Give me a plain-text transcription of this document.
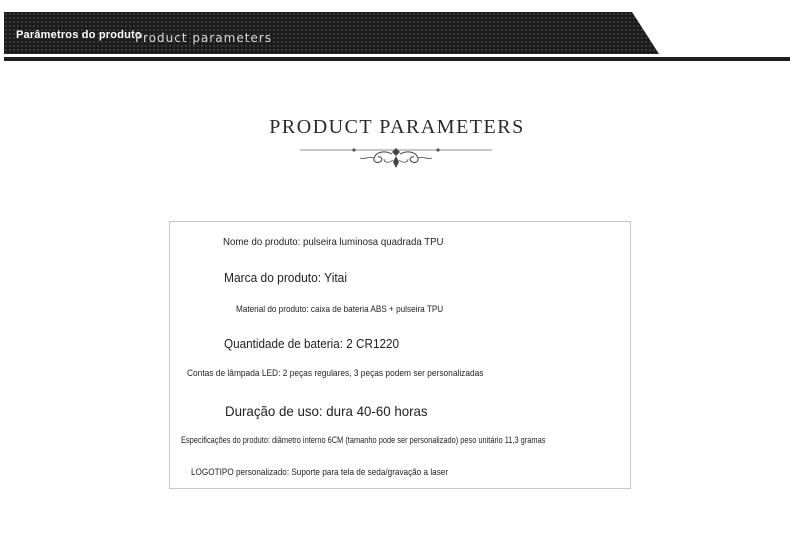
Parâmetros do produto
Product parameters
PRODUCT PARAMETERS
Nome do produto: pulseira luminosa quadrada TPU
Marca do produto: Yitai
Material do produto: caixa de bateria ABS + pulseira TPU
Quantidade de bateria: 2 CR1220
Contas de lâmpada LED: 2 peças regulares, 3 peças podem ser personalizadas
Duração de uso: dura 40-60 horas
Especificações do produto: diâmetro interno 6CM (tamanho pode ser personalizado) peso unitário 11,3 gramas
LOGOTIPO personalizado: Suporte para tela de seda/gravação a laser
